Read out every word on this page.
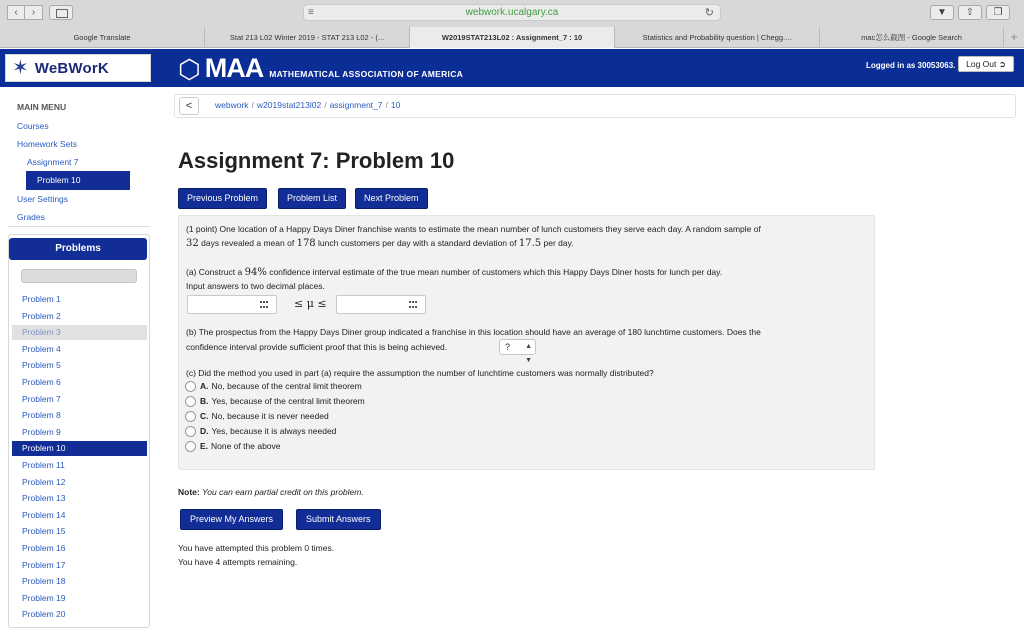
‹	›	≡	webwork.ucalgary.ca	↻	▼	⇧	❐
Google Translate	Stat 213 L02 Winter 2019 - STAT 213 L02 - (...	W2019STAT213L02 : Assignment_7 : 10	Statistics and Probability question | Chegg....	mac怎么截图 - Google Search	+
✶ WeBWorK	⬡ MAA MATHEMATICAL ASSOCIATION OF AMERICA
Logged in as 30053063.	Log Out ➲
MAIN MENU
Courses
Homework Sets
Assignment 7
Problem 10
User Settings
Grades
Problems
Problem 1
Problem 2
Problem 3
Problem 4
Problem 5
Problem 6
Problem 7
Problem 8
Problem 9
Problem 10
Problem 11
Problem 12
Problem 13
Problem 14
Problem 15
Problem 16
Problem 17
Problem 18
Problem 19
Problem 20
<	webwork / w2019stat213l02 / assignment_7 / 10
Assignment 7: Problem 10
Previous Problem	Problem List	Next Problem
(1 point) One location of a Happy Days Diner franchise wants to estimate the mean number of lunch customers they serve each day. A random sample of
32 days revealed a mean of 178 lunch customers per day with a standard deviation of 17.5 per day.
(a) Construct a 94% confidence interval estimate of the true mean number of customers which this Happy Days Diner hosts for lunch per day.
Input answers to two decimal places.
≤ μ ≤
(b) The prospectus from the Happy Days Diner group indicated a franchise in this location should have an average of 180 lunchtime customers. Does the
confidence interval provide sufficient proof that this is being achieved.	? ▲
▼
(c) Did the method you used in part (a) require the assumption the number of lunchtime customers was normally distributed?
A. No, because of the central limit theorem
B. Yes, because of the central limit theorem
C. No, because it is never needed
D. Yes, because it is always needed
E. None of the above
Note: You can earn partial credit on this problem.
Preview My Answers	Submit Answers
You have attempted this problem 0 times.
You have 4 attempts remaining.
